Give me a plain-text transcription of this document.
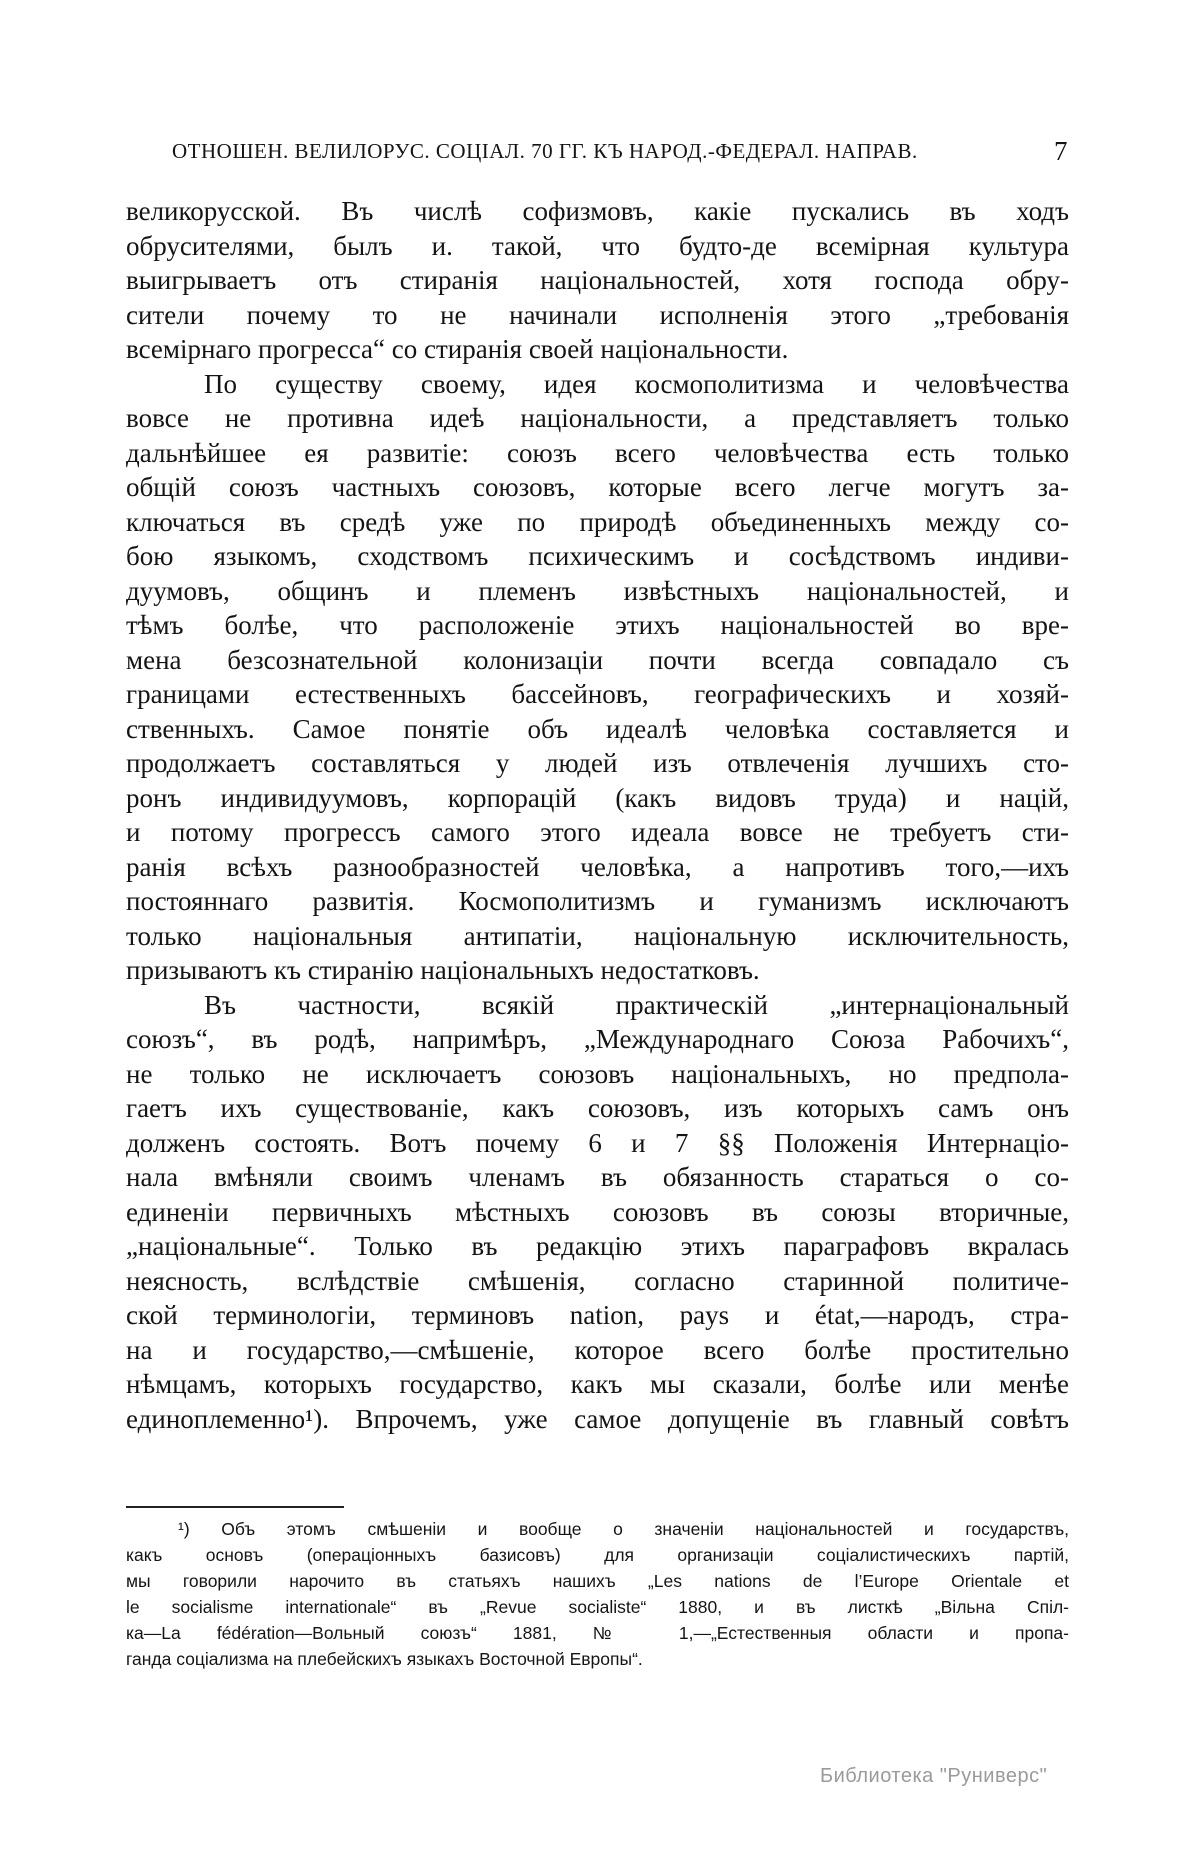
ОТНОШЕН. ВЕЛИЛОРУС. СОЦІАЛ. 70 ГГ. КЪ НАРОД.-ФЕДЕРАЛ. НАПРАВ.	7
великорусской. Въ числѣ софизмовъ, какіе пускались въ ходъ
обрусителями, былъ и. такой, что будто-де всемірная культура
выигрываетъ отъ стиранія національностей, хотя господа обру-
сители почему то не начинали исполненія этого „требованія
всемірнаго прогресса“ со стиранія своей національности.
По существу своему, идея космополитизма и человѣчества
вовсе не противна идеѣ національности, а представляетъ только
дальнѣйшее ея развитіе: союзъ всего человѣчества есть только
общій союзъ частныхъ союзовъ, которые всего легче могутъ за-
ключаться въ средѣ уже по природѣ объединенныхъ между со-
бою языкомъ, сходствомъ психическимъ и сосѣдствомъ индиви-
дуумовъ, общинъ и племенъ извѣстныхъ національностей, и
тѣмъ болѣе, что расположеніе этихъ національностей во вре-
мена безсознательной колонизаціи почти всегда совпадало съ
границами естественныхъ бассейновъ, географическихъ и хозяй-
ственныхъ. Самое понятіе объ идеалѣ человѣка составляется и
продолжаетъ составляться у людей изъ отвлеченія лучшихъ сто-
ронъ индивидуумовъ, корпорацій (какъ видовъ труда) и націй,
и потому прогрессъ самого этого идеала вовсе не требуетъ сти-
ранія всѣхъ разнообразностей человѣка, а напротивъ того,—ихъ
постояннаго развитія. Космополитизмъ и гуманизмъ исключаютъ
только національныя антипатіи, національную исключительность,
призываютъ къ стиранію національныхъ недостатковъ.
Въ частности, всякій практическій „интернаціональный
союзъ“, въ родѣ, напримѣръ, „Международнаго Союза Рабочихъ“,
не только не исключаетъ союзовъ національныхъ, но предпола-
гаетъ ихъ существованіе, какъ союзовъ, изъ которыхъ самъ онъ
долженъ состоять. Вотъ почему 6 и 7 §§ Положенія Интернаціо-
нала вмѣняли своимъ членамъ въ обязанность стараться о со-
единеніи первичныхъ мѣстныхъ союзовъ въ союзы вторичные,
„національные“. Только въ редакцію этихъ параграфовъ вкралась
неясность, вслѣдствіе смѣшенія, согласно старинной политиче-
ской терминологіи, терминовъ nation, pays и état,—народъ, стра-
на и государство,—смѣшеніе, которое всего болѣе простительно
нѣмцамъ, которыхъ государство, какъ мы сказали, болѣе или менѣе
единоплеменно¹). Впрочемъ, уже самое допущеніе въ главный совѣтъ
¹) Объ этомъ смѣшеніи и вообще о значеніи національностей и государствъ,
какъ основъ (операціонныхъ базисовъ) для организаціи соціалистическихъ партій,
мы говорили нарочито въ статьяхъ нашихъ „Les nations de l’Europe Orientale et
le socialisme internationale“ въ „Revue socialiste“ 1880, и въ листкѣ „Вільна Спіл-
ка—La fédération—Вольный союзъ“ 1881, № 1,—„Естественныя области и пропа-
ганда соціализма на плебейскихъ языкахъ Восточной Европы“.
Библиотека "Руниверс"
